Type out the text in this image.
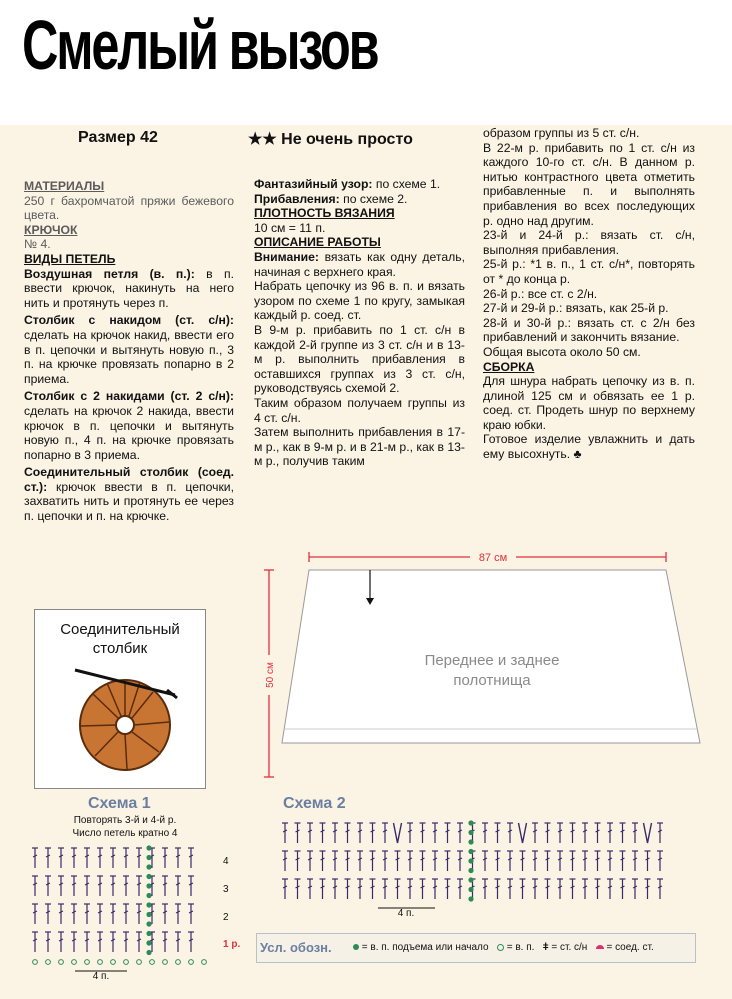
Смелый вызов
Размер 42	★★ Не очень просто
МАТЕРИАЛЫ

250 г бахромчатой пряжи бежевого цвета.

КРЮЧОК

№ 4.

ВИДЫ ПЕТЕЛЬ

Воздушная петля (в. п.): в п. ввести крючок, накинуть на него нить и протянуть через п.

Столбик с накидом (ст. с/н): сделать на крючок накид, ввести его в п. цепочки и вытянуть новую п., 3 п. на крючке провязать попарно в 2 приема.

Столбик с 2 накидами (ст. 2 с/н): сделать на крючок 2 накида, ввести крючок в п. цепочки и вытянуть новую п., 4 п. на крючке провязать попарно в 3 приема.

Соединительный столбик (соед. ст.): крючок ввести в п. цепочки, захватить нить и протянуть ее через п. цепочки и п. на крючке.

Фантазийный узор: по схеме 1.

Прибавления: по схеме 2.

ПЛОТНОСТЬ ВЯЗАНИЯ

10 см = 11 п.

ОПИСАНИЕ РАБОТЫ

Внимание: вязать как одну деталь, начиная с верхнего края.

Набрать цепочку из 96 в. п. и вязать узором по схеме 1 по кругу, замыкая каждый р. соед. ст.

В 9-м р. прибавить по 1 ст. с/н в каждой 2-й группе из 3 ст. с/н и в 13-м р. выполнить прибавления в оставшихся группах из 3 ст. с/н, руководствуясь схемой 2.

Таким образом получаем группы из 4 ст. с/н.

Затем выполнить прибавления в 17-м р., как в 9-м р. и в 21-м р., как в 13-м р., получив таким

образом группы из 5 ст. с/н.

В 22-м р. прибавить по 1 ст. с/н из каждого 10-го ст. с/н. В данном р. нитью контрастного цвета отметить прибавленные п. и выполнять прибавления во всех последующих р. одно над другим.

23-й и 24-й р.: вязать ст. с/н, выполняя прибавления.

25-й р.: *1 в. п., 1 ст. с/н*, повторять от * до конца р.

26-й р.: все ст. с 2/н.

27-й и 29-й р.: вязать, как 25-й р.

28-й и 30-й р.: вязать ст. с 2/н без прибавлений и закончить вязание.

Общая высота около 50 см.

СБОРКА

Для шнура набрать цепочку из в. п. длиной 125 см и обвязать ее 1 р. соед. ст. Продеть шнур по верхнему краю юбки.

Готовое изделие увлажнить и дать ему высохнуть. ♣

87 см
50 см
Переднее и заднее
полотнища
Соединительный
столбик
Схема 1
Повторять 3-й и 4-й р.
Число петель кратно 4
4
3
2
1 р.
4 п.
Схема 2
4 п.
Усл. обозн.	= в. п. подъема или начало = в. п. ǂ = ст. с/н = соед. ст.
